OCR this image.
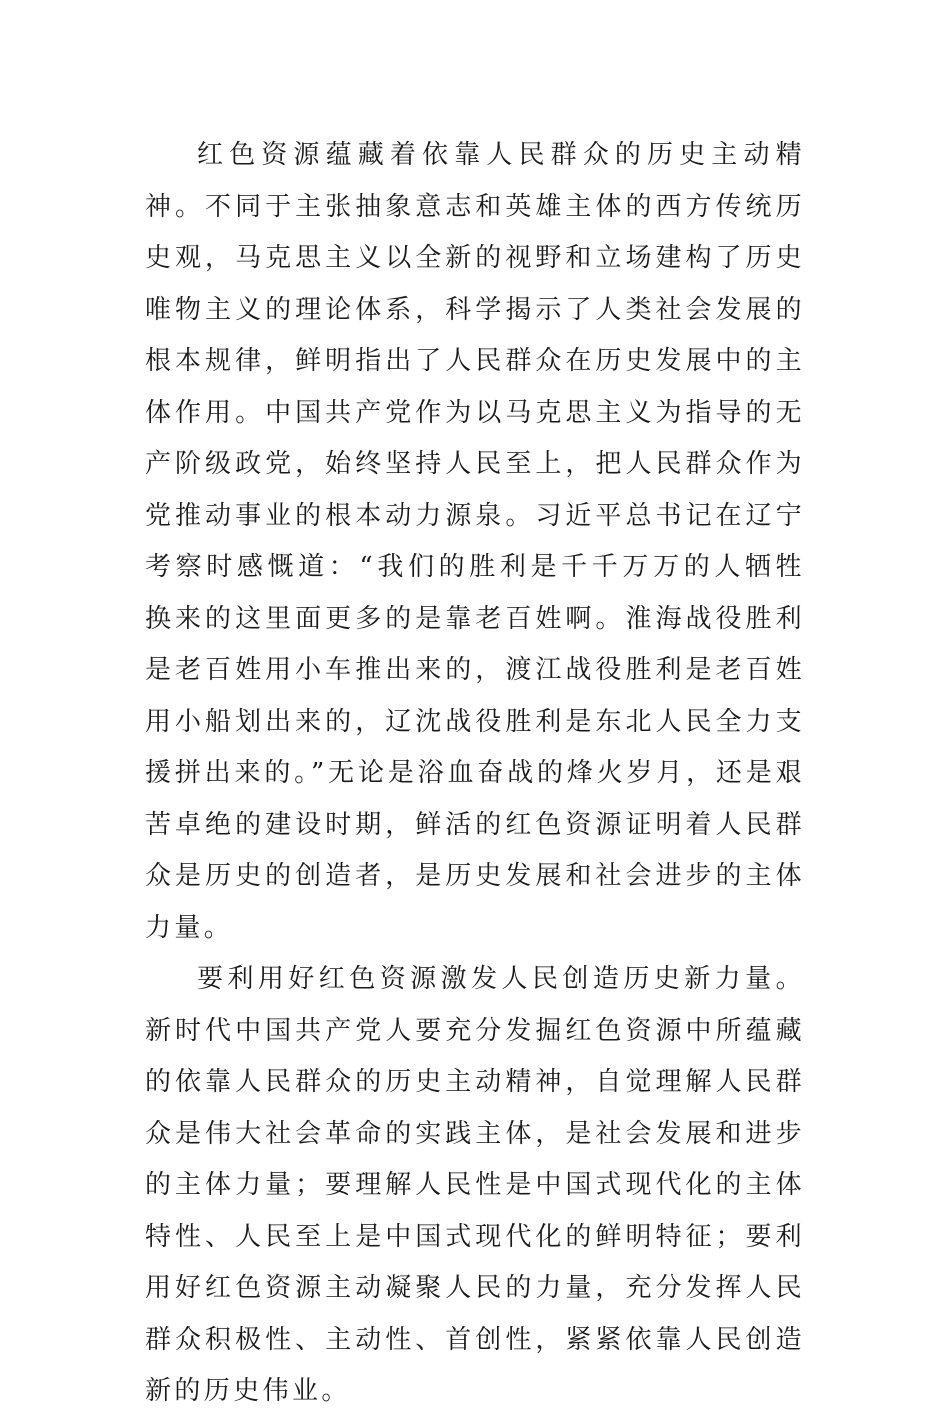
红色资源蕴藏着依靠人民群众的历史主动精神。不同于主张抽象意志和英雄主体的西方传统历史观，马克思主义以全新的视野和立场建构了历史唯物主义的理论体系，科学揭示了人类社会发展的根本规律，鲜明指出了人民群众在历史发展中的主体作用。中国共产党作为以马克思主义为指导的无产阶级政党，始终坚持人民至上，把人民群众作为党推动事业的根本动力源泉。习近平总书记在辽宁考察时感慨道：“我们的胜利是千千万万的人牺牲换来的这里面更多的是靠老百姓啊。淮海战役胜利是老百姓用小车推出来的，渡江战役胜利是老百姓用小船划出来的，辽沈战役胜利是东北人民全力支援拼出来的。”无论是浴血奋战的烽火岁月，还是艰苦卓绝的建设时期，鲜活的红色资源证明着人民群众是历史的创造者，是历史发展和社会进步的主体力量。

要利用好红色资源激发人民创造历史新力量。新时代中国共产党人要充分发掘红色资源中所蕴藏的依靠人民群众的历史主动精神，自觉理解人民群众是伟大社会革命的实践主体，是社会发展和进步的主体力量；要理解人民性是中国式现代化的主体特性、人民至上是中国式现代化的鲜明特征；要利用好红色资源主动凝聚人民的力量，充分发挥人民群众积极性、主动性、首创性，紧紧依靠人民创造新的历史伟业。
